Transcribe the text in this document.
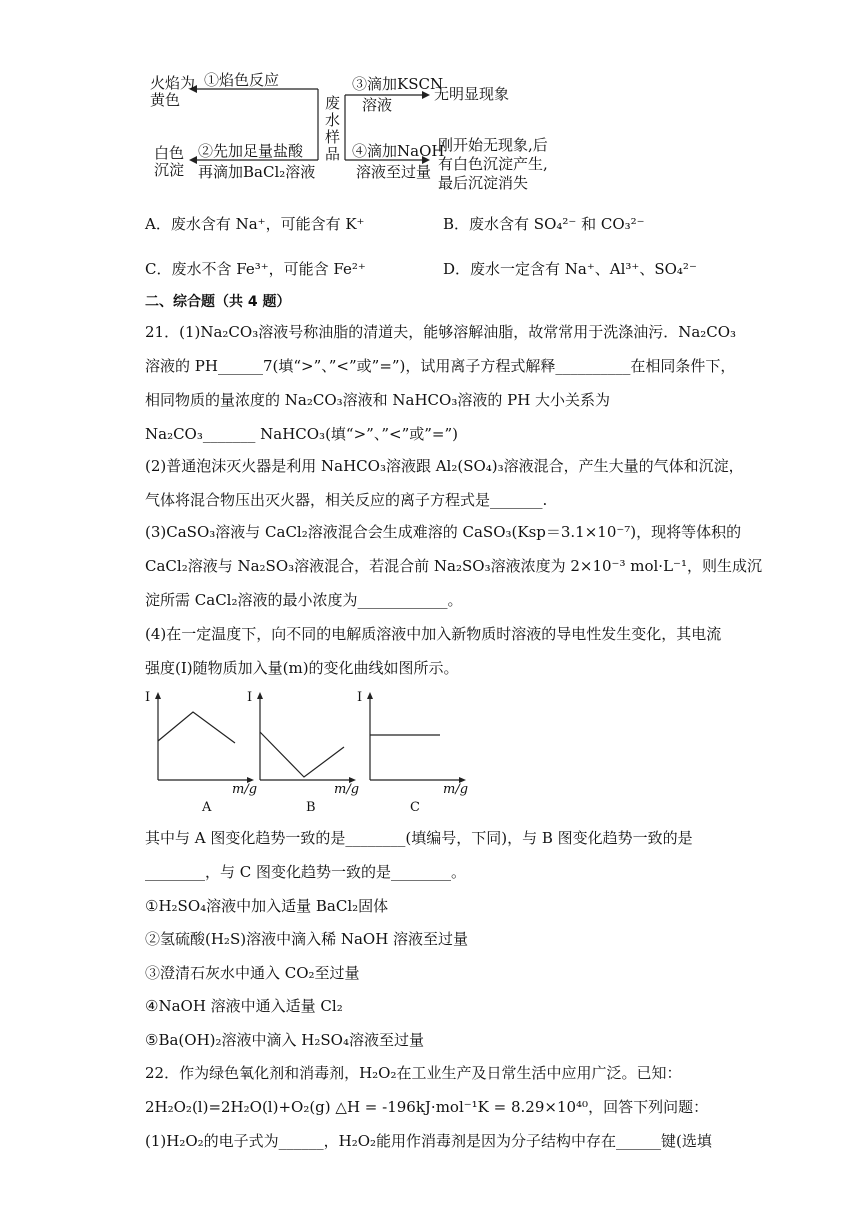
火焰为
黄色
①焰色反应
废
水
样
品
③滴加KSCN
溶液
无明显现象
白色
沉淀
②先加足量盐酸
再滴加BaCl₂溶液
④滴加NaOH
溶液至过量
刚开始无现象,后
有白色沉淀产生,
最后沉淀消失
A．废水含有 Na⁺，可能含有 K⁺	B．废水含有 SO₄²⁻ 和 CO₃²⁻
C．废水不含 Fe³⁺，可能含 Fe²⁺	D．废水一定含有 Na⁺、Al³⁺、SO₄²⁻
二、综合题（共 4 题）
21．(1)Na₂CO₃溶液号称油脂的清道夫，能够溶解油脂，故常常用于洗涤油污．Na₂CO₃
溶液的 PH______7(填“>”、”<”或”=”)，试用离子方程式解释__________在相同条件下，
相同物质的量浓度的 Na₂CO₃溶液和 NaHCO₃溶液的 PH 大小关系为
Na₂CO₃_______ NaHCO₃(填“>”、”<”或”=”)
(2)普通泡沫灭火器是利用 NaHCO₃溶液跟 Al₂(SO₄)₃溶液混合，产生大量的气体和沉淀，
气体将混合物压出灭火器，相关反应的离子方程式是_______.
(3)CaSO₃溶液与 CaCl₂溶液混合会生成难溶的 CaSO₃(Ksp＝3.1×10⁻⁷)，现将等体积的
CaCl₂溶液与 Na₂SO₃溶液混合，若混合前 Na₂SO₃溶液浓度为 2×10⁻³ mol·L⁻¹，则生成沉
淀所需 CaCl₂溶液的最小浓度为____________。
(4)在一定温度下，向不同的电解质溶液中加入新物质时溶液的导电性发生变化，其电流
强度(I)随物质加入量(m)的变化曲线如图所示。
I	I	I
m/g	m/g	m/g
A	B	C
其中与 A 图变化趋势一致的是________(填编号，下同)，与 B 图变化趋势一致的是
________，与 C 图变化趋势一致的是________。
①H₂SO₄溶液中加入适量 BaCl₂固体
②氢硫酸(H₂S)溶液中滴入稀 NaOH 溶液至过量
③澄清石灰水中通入 CO₂至过量
④NaOH 溶液中通入适量 Cl₂
⑤Ba(OH)₂溶液中滴入 H₂SO₄溶液至过量
22．作为绿色氧化剂和消毒剂，H₂O₂在工业生产及日常生活中应用广泛。已知：
2H₂O₂(l)=2H₂O(l)+O₂(g) △H = -196kJ·mol⁻¹K = 8.29×10⁴⁰，回答下列问题：
(1)H₂O₂的电子式为______，H₂O₂能用作消毒剂是因为分子结构中存在______键(选填
